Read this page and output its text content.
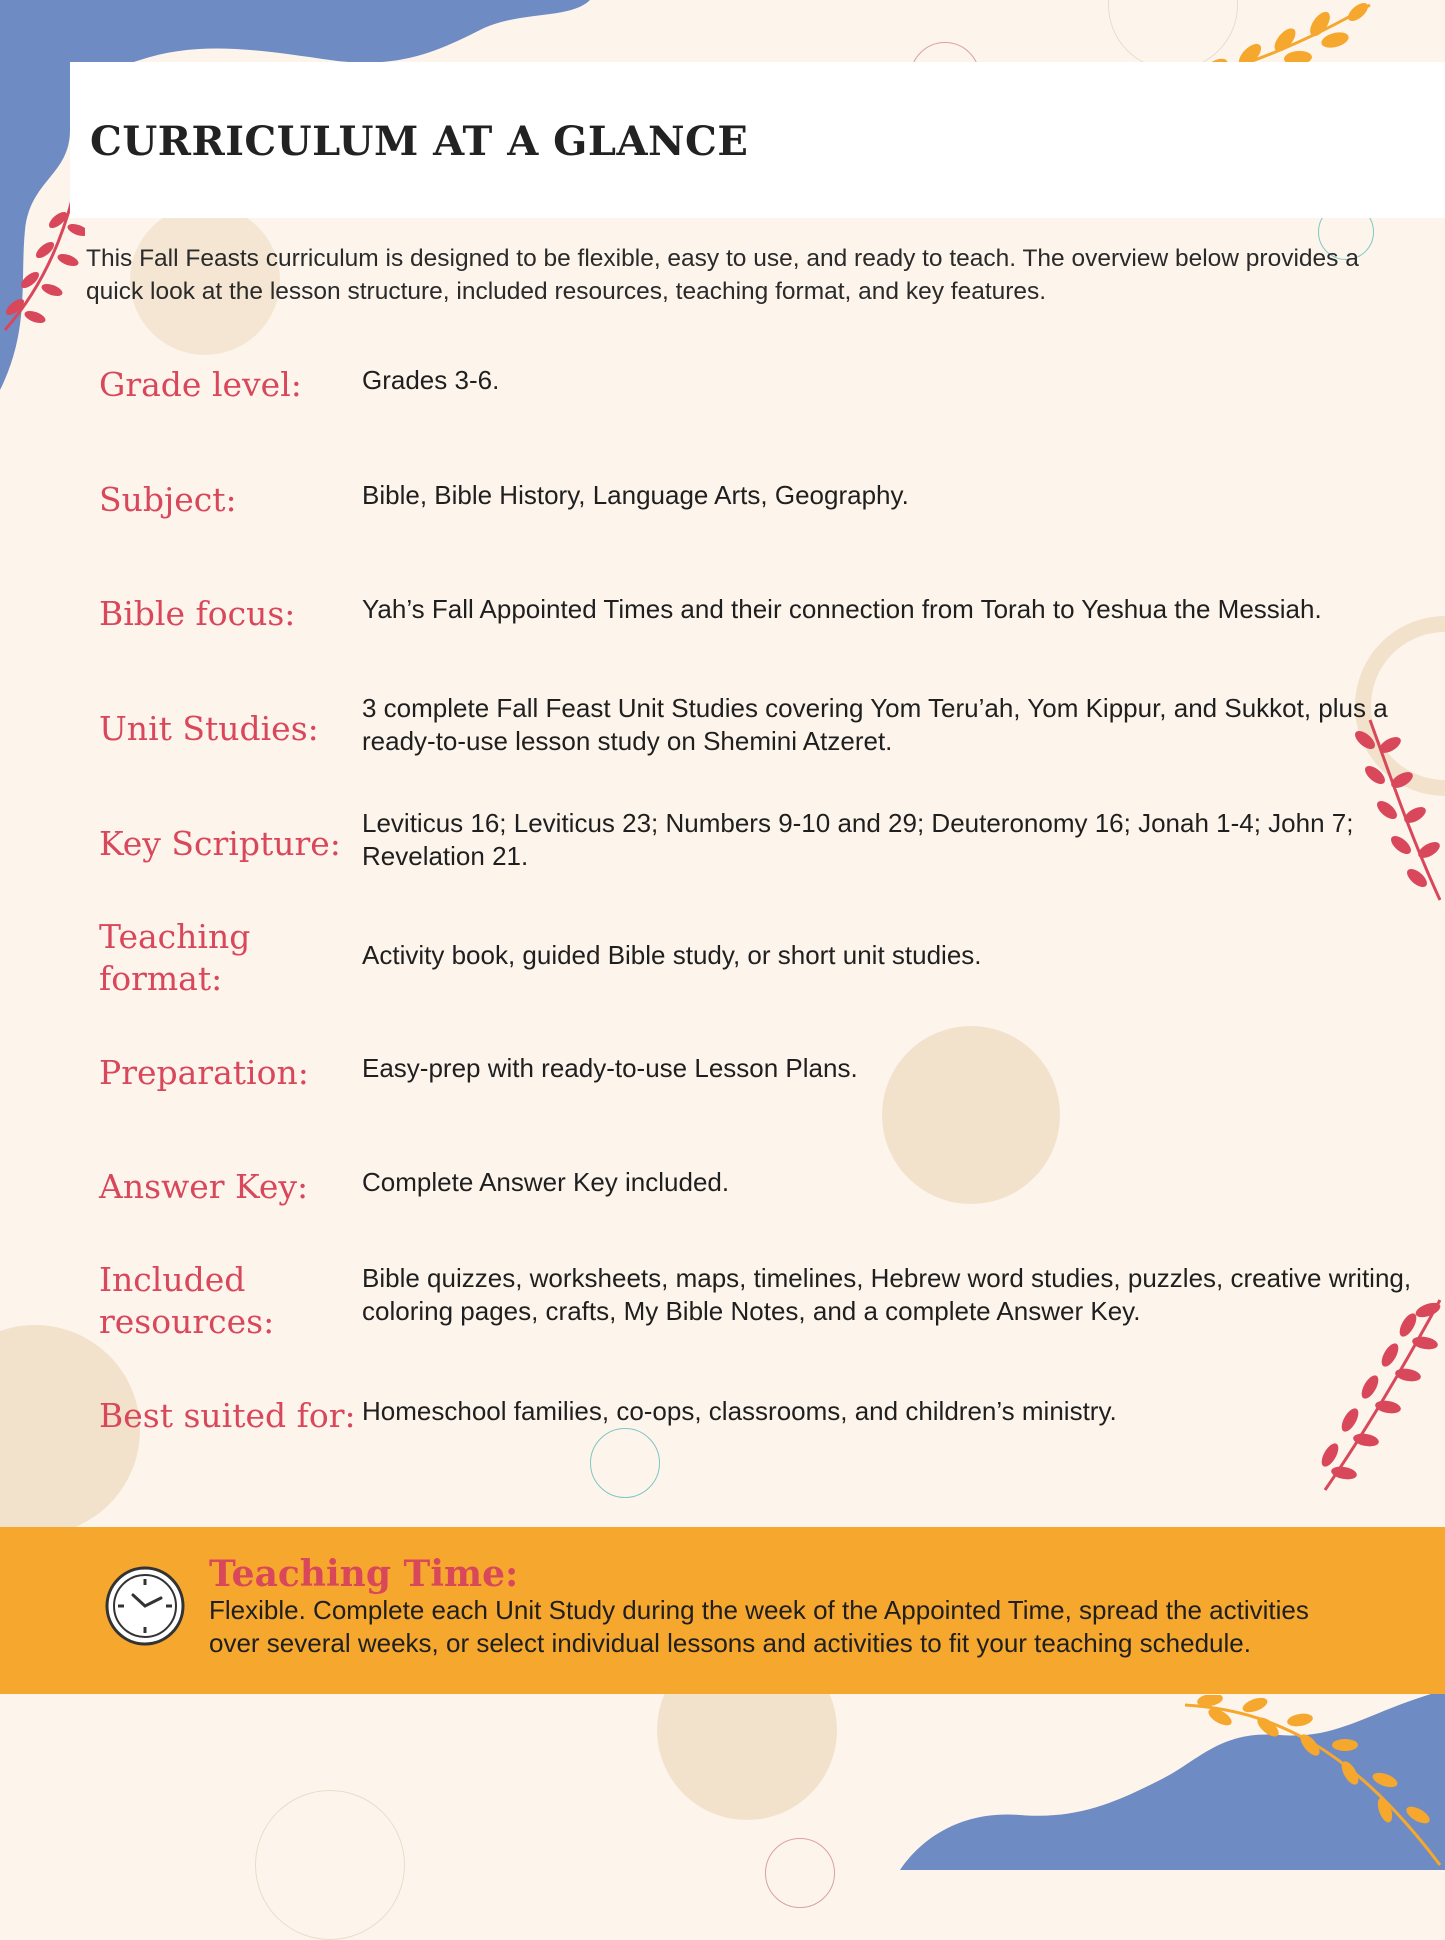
CURRICULUM AT A GLANCE

This Fall Feasts curriculum is designed to be flexible, easy to use, and ready to teach. The overview below provides a quick look at the lesson structure, included resources, teaching format, and key features.

Grade level:	Grades 3-6.
Subject:	Bible, Bible History, Language Arts, Geography.
Bible focus:	Yah’s Fall Appointed Times and their connection from Torah to Yeshua the Messiah.
Unit Studies:
3 complete Fall Feast Unit Studies covering Yom Teru’ah, Yom Kippur, and Sukkot, plus a ready-to-use lesson study on Shemini Atzeret.
Key Scripture:
Leviticus 16; Leviticus 23; Numbers 9-10 and 29; Deuteronomy 16; Jonah 1-4; John 7; Revelation 21.
Teaching format:
Activity book, guided Bible study, or short unit studies.
Preparation:	Easy-prep with ready-to-use Lesson Plans.
Answer Key:	Complete Answer Key included.
Included resources:
Bible quizzes, worksheets, maps, timelines, Hebrew word studies, puzzles, creative writing, coloring pages, crafts, My Bible Notes, and a complete Answer Key.
Best suited for: Homeschool families, co-ops, classrooms, and children’s ministry.
Teaching Time:

Flexible. Complete each Unit Study during the week of the Appointed Time, spread the activities over several weeks, or select individual lessons and activities to fit your teaching schedule.
